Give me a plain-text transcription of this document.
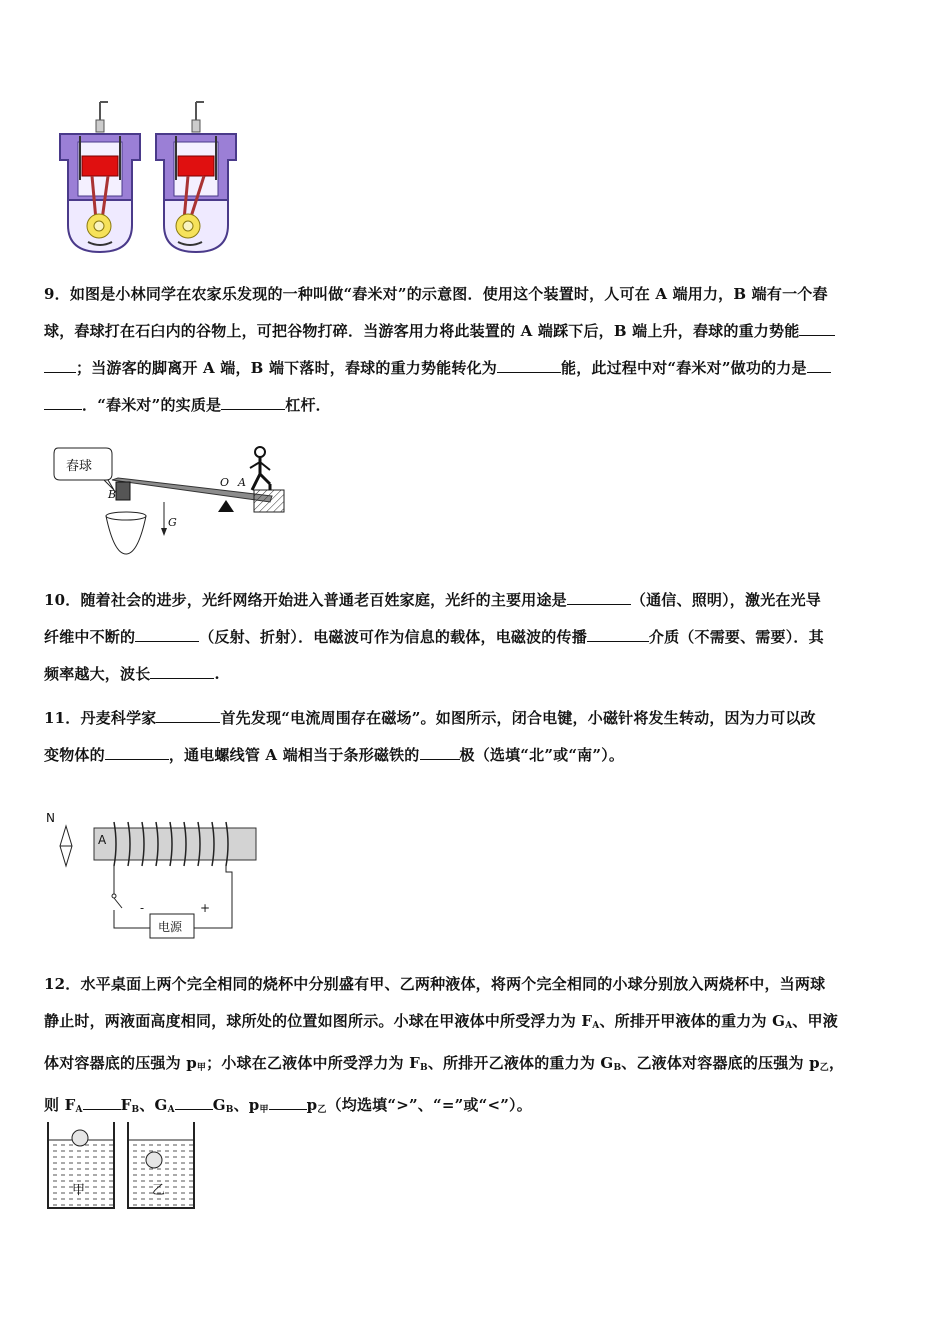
9．如图是小林同学在农家乐发现的一种叫做“舂米对”的示意图．使用这个装置时，人可在 A 端用力，B 端有一个舂
球，舂球打在石臼内的谷物上，可把谷物打碎．当游客用力将此装置的 A 端踩下后，B 端上升，舂球的重力势能
；当游客的脚离开 A 端，B 端下落时，舂球的重力势能转化为	能，此过程中对“舂米对”做功的力是
．“舂米对”的实质是	杠杆．
舂球
B
O A
G
10．随着社会的进步，光纤网络开始进入普通老百姓家庭，光纤的主要用途是	（通信、照明），激光在光导
纤维中不断的	（反射、折射）．电磁波可作为信息的载体，电磁波的传播	介质（不需要、需要）．其
频率越大，波长	.
11．丹麦科学家	首先发现“电流周围存在磁场”。如图所示，闭合电键，小磁针将发生转动，因为力可以改
变物体的	，通电螺线管 A 端相当于条形磁铁的	极（选填“北”或“南”）。
N
A
电源
-	+
12．水平桌面上两个完全相同的烧杯中分别盛有甲、乙两种液体，将两个完全相同的小球分别放入两烧杯中，当两球
静止时，两液面高度相同，球所处的位置如图所示。小球在甲液体中所受浮力为 $F_A$、所排开甲液体的重力为 $G_A$、甲液
体对容器底的压强为 $p_甲$；小球在乙液体中所受浮力为 $F_B$、所排开乙液体的重力为 $G_B$、乙液体对容器底的压强为 $p_乙$，
则 $F_A$	$F_B$、$G_A$	$G_B$、$p_甲$	$p_乙$（均选填“>”、“=”或“<”）。
甲	乙
